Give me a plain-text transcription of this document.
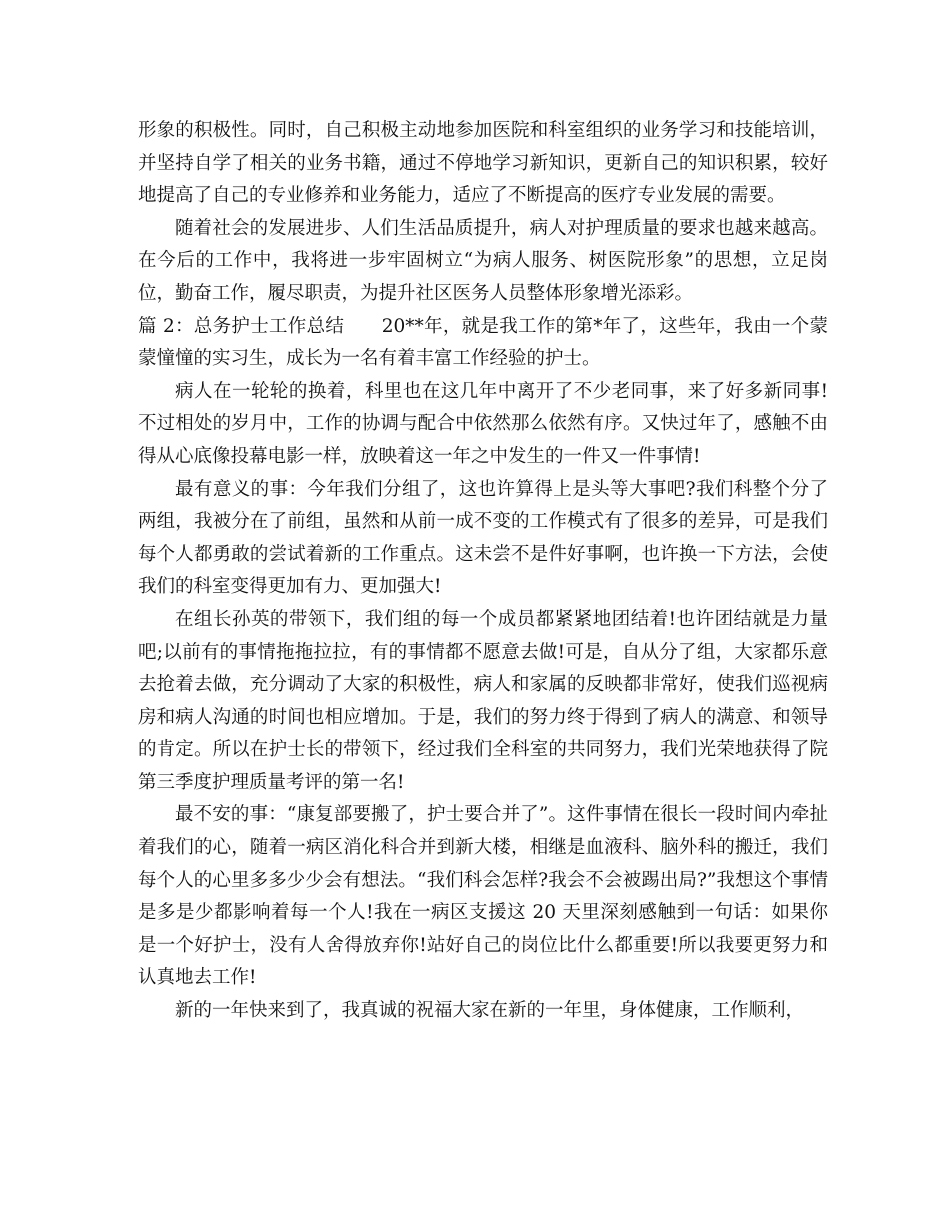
形象的积极性。同时，自己积极主动地参加医院和科室组织的业务学习和技能培训，并坚持自学了相关的业务书籍，通过不停地学习新知识，更新自己的知识积累，较好地提高了自己的专业修养和业务能力，适应了不断提高的医疗专业发展的需要。

随着社会的发展进步、人们生活品质提升，病人对护理质量的要求也越来越高。在今后的工作中，我将进一步牢固树立“为病人服务、树医院形象”的思想，立足岗位，勤奋工作，履尽职责，为提升社区医务人员整体形象增光添彩。

篇 2：总务护士工作总结　　20**年，就是我工作的第*年了，这些年，我由一个蒙蒙憧憧的实习生，成长为一名有着丰富工作经验的护士。

病人在一轮轮的换着，科里也在这几年中离开了不少老同事，来了好多新同事!不过相处的岁月中，工作的协调与配合中依然那么依然有序。又快过年了，感触不由得从心底像投幕电影一样，放映着这一年之中发生的一件又一件事情!

最有意义的事：今年我们分组了，这也许算得上是头等大事吧?我们科整个分了两组，我被分在了前组，虽然和从前一成不变的工作模式有了很多的差异，可是我们每个人都勇敢的尝试着新的工作重点。这未尝不是件好事啊，也许换一下方法，会使我们的科室变得更加有力、更加强大!

在组长孙英的带领下，我们组的每一个成员都紧紧地团结着!也许团结就是力量吧;以前有的事情拖拖拉拉，有的事情都不愿意去做!可是，自从分了组，大家都乐意去抢着去做，充分调动了大家的积极性，病人和家属的反映都非常好，使我们巡视病房和病人沟通的时间也相应增加。于是，我们的努力终于得到了病人的满意、和领导的肯定。所以在护士长的带领下，经过我们全科室的共同努力，我们光荣地获得了院第三季度护理质量考评的第一名!

最不安的事：“康复部要搬了，护士要合并了”。这件事情在很长一段时间内牵扯着我们的心，随着一病区消化科合并到新大楼，相继是血液科、脑外科的搬迁，我们每个人的心里多多少少会有想法。“我们科会怎样?我会不会被踢出局?”我想这个事情是多是少都影响着每一个人!我在一病区支援这 20 天里深刻感触到一句话：如果你是一个好护士，没有人舍得放弃你!站好自己的岗位比什么都重要!所以我要更努力和认真地去工作!

新的一年快来到了，我真诚的祝福大家在新的一年里，身体健康，工作顺利，
